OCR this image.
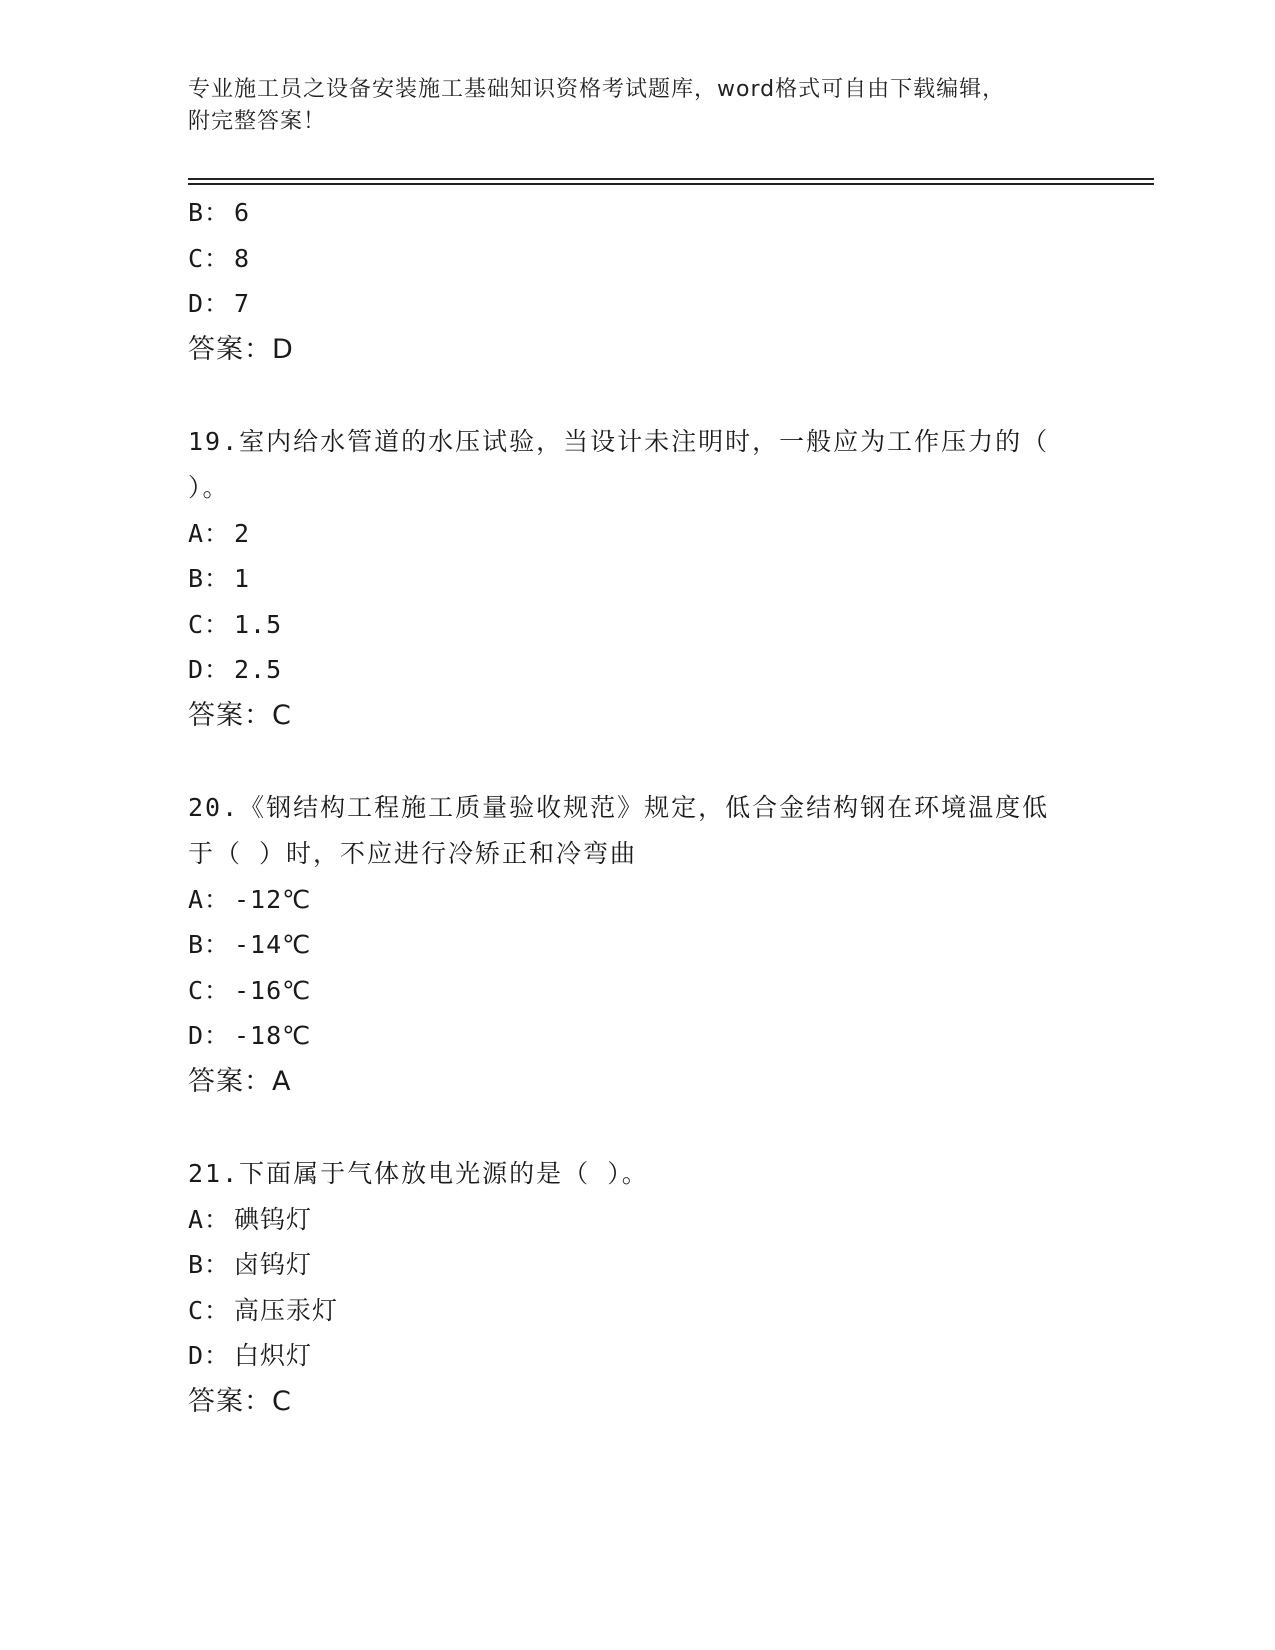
专业施工员之设备安装施工基础知识资格考试题库，word格式可自由下载编辑，
附完整答案！
B： 6
C： 8
D： 7
答案：D
19.室内给水管道的水压试验，当设计未注明时，一般应为工作压力的（ ）。
A： 2
B： 1
C： 1.5
D： 2.5
答案：C
20.《钢结构工程施工质量验收规范》规定，低合金结构钢在环境温度低于（ ）时，不应进行冷矫正和冷弯曲
A： -12℃
B： -14℃
C： -16℃
D： -18℃
答案：A
21.下面属于气体放电光源的是（ ）。
A： 碘钨灯
B： 卤钨灯
C： 高压汞灯
D： 白炽灯
答案：C
